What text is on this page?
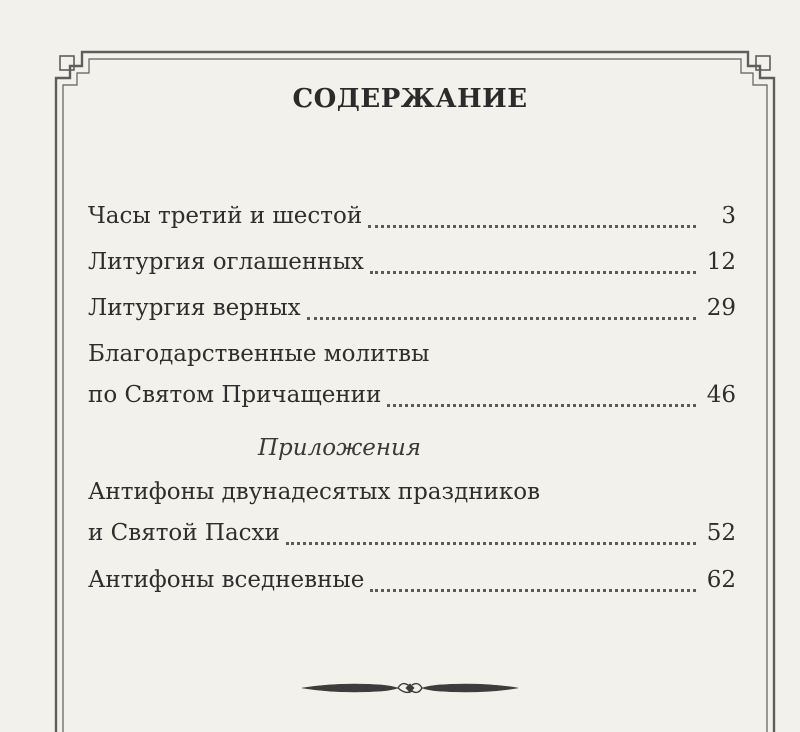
СОДЕРЖАНИЕ
Часы третий и шестой	3
Литургия оглашенных	12
Литургия верных	29
Благодарственные молитвы
по Святом Причащении	46
Приложения
Антифоны двунадесятых праздников
и Святой Пасхи	52
Антифоны вседневные	62
